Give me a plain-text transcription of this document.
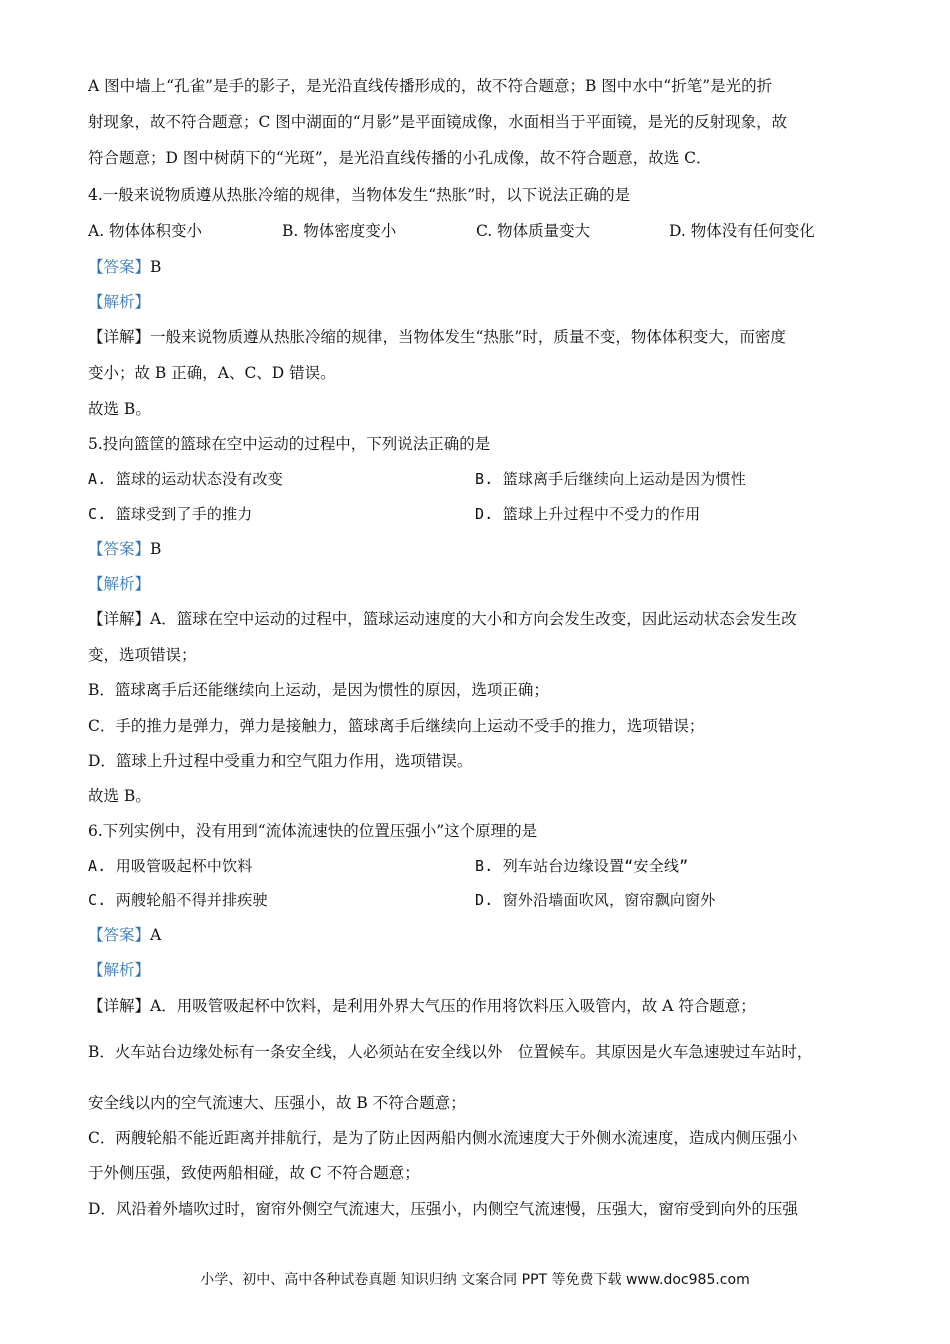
A 图中墙上“孔雀”是手的影子，是光沿直线传播形成的，故不符合题意；B 图中水中“折笔”是光的折
射现象，故不符合题意；C 图中湖面的“月影”是平面镜成像，水面相当于平面镜，是光的反射现象，故
符合题意；D 图中树荫下的“光斑”，是光沿直线传播的小孔成像，故不符合题意，故选 C．
4.一般来说物质遵从热胀冷缩的规律，当物体发生“热胀”时，以下说法正确的是
A. 物体体积变小	B. 物体密度变小	C. 物体质量变大	D. 物体没有任何变化
【答案】B
【解析】
【详解】一般来说物质遵从热胀冷缩的规律，当物体发生“热胀”时，质量不变，物体体积变大，而密度
变小；故 B 正确，A、C、D 错误。
故选 B。
5.投向篮筐的篮球在空中运动的过程中，下列说法正确的是
A. 篮球的运动状态没有改变	B. 篮球离手后继续向上运动是因为惯性
C. 篮球受到了手的推力	D. 篮球上升过程中不受力的作用
【答案】B
【解析】
【详解】A．篮球在空中运动的过程中，篮球运动速度的大小和方向会发生改变，因此运动状态会发生改
变，选项错误；
B．篮球离手后还能继续向上运动，是因为惯性的原因，选项正确；
C．手的推力是弹力，弹力是接触力，篮球离手后继续向上运动不受手的推力，选项错误；
D．篮球上升过程中受重力和空气阻力作用，选项错误。
故选 B。
6.下列实例中，没有用到“流体流速快的位置压强小”这个原理的是
A. 用吸管吸起杯中饮料	B. 列车站台边缘设置“安全线”
C. 两艘轮船不得并排疾驶	D. 窗外沿墙面吹风，窗帘飘向窗外
【答案】A
【解析】
【详解】A．用吸管吸起杯中饮料，是利用外界大气压的作用将饮料压入吸管内，故 A 符合题意；
B．火车站台边缘处标有一条安全线，人必须站在安全线以外　位置候车。其原因是火车急速驶过车站时，
安全线以内的空气流速大、压强小，故 B 不符合题意；
C．两艘轮船不能近距离并排航行，是为了防止因两船内侧水流速度大于外侧水流速度，造成内侧压强小
于外侧压强，致使两船相碰，故 C 不符合题意；
D．风沿着外墙吹过时，窗帘外侧空气流速大，压强小，内侧空气流速慢，压强大，窗帘受到向外的压强
小学、初中、高中各种试卷真题 知识归纳 文案合同 PPT 等免费下载 www.doc985.com
